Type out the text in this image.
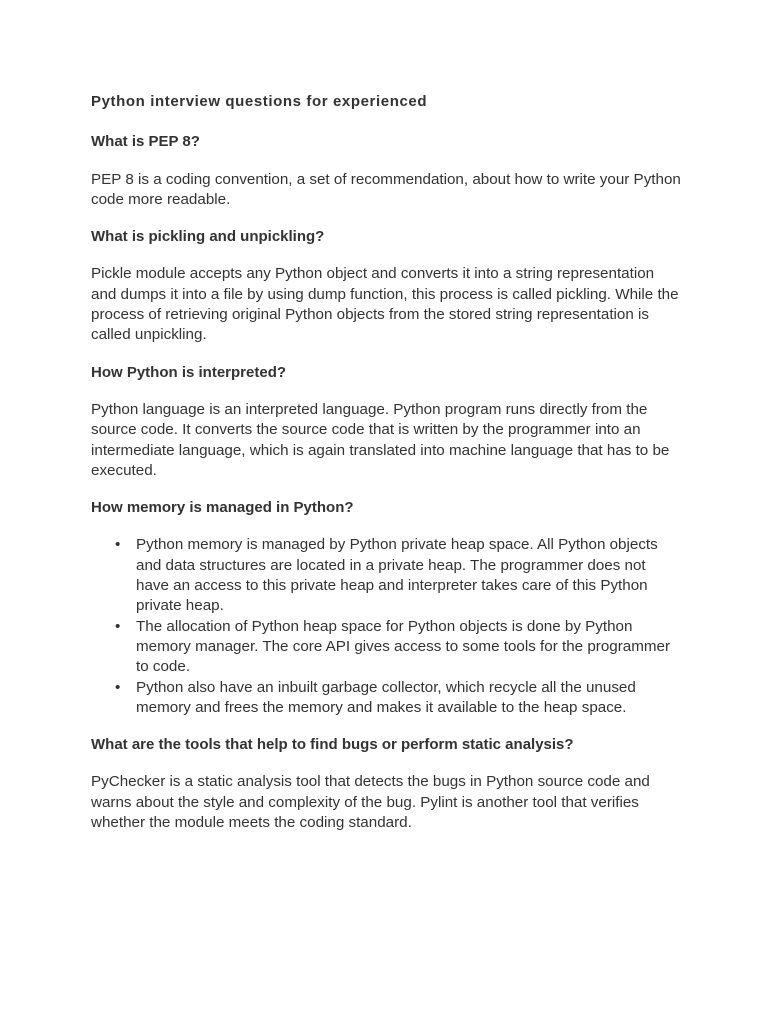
Python interview questions for experienced
What is PEP 8?
PEP 8 is a coding convention, a set of recommendation, about how to write your Python code more readable.
What is pickling and unpickling?
Pickle module accepts any Python object and converts it into a string representation and dumps it into a file by using dump function, this process is called pickling. While the process of retrieving original Python objects from the stored string representation is called unpickling.
How Python is interpreted?
Python language is an interpreted language. Python program runs directly from the source code. It converts the source code that is written by the programmer into an intermediate language, which is again translated into machine language that has to be executed.
How memory is managed in Python?
• Python memory is managed by Python private heap space. All Python objects and data structures are located in a private heap. The programmer does not have an access to this private heap and interpreter takes care of this Python private heap.
• The allocation of Python heap space for Python objects is done by Python memory manager. The core API gives access to some tools for the programmer to code.
• Python also have an inbuilt garbage collector, which recycle all the unused memory and frees the memory and makes it available to the heap space.
What are the tools that help to find bugs or perform static analysis?
PyChecker is a static analysis tool that detects the bugs in Python source code and warns about the style and complexity of the bug. Pylint is another tool that verifies whether the module meets the coding standard.
